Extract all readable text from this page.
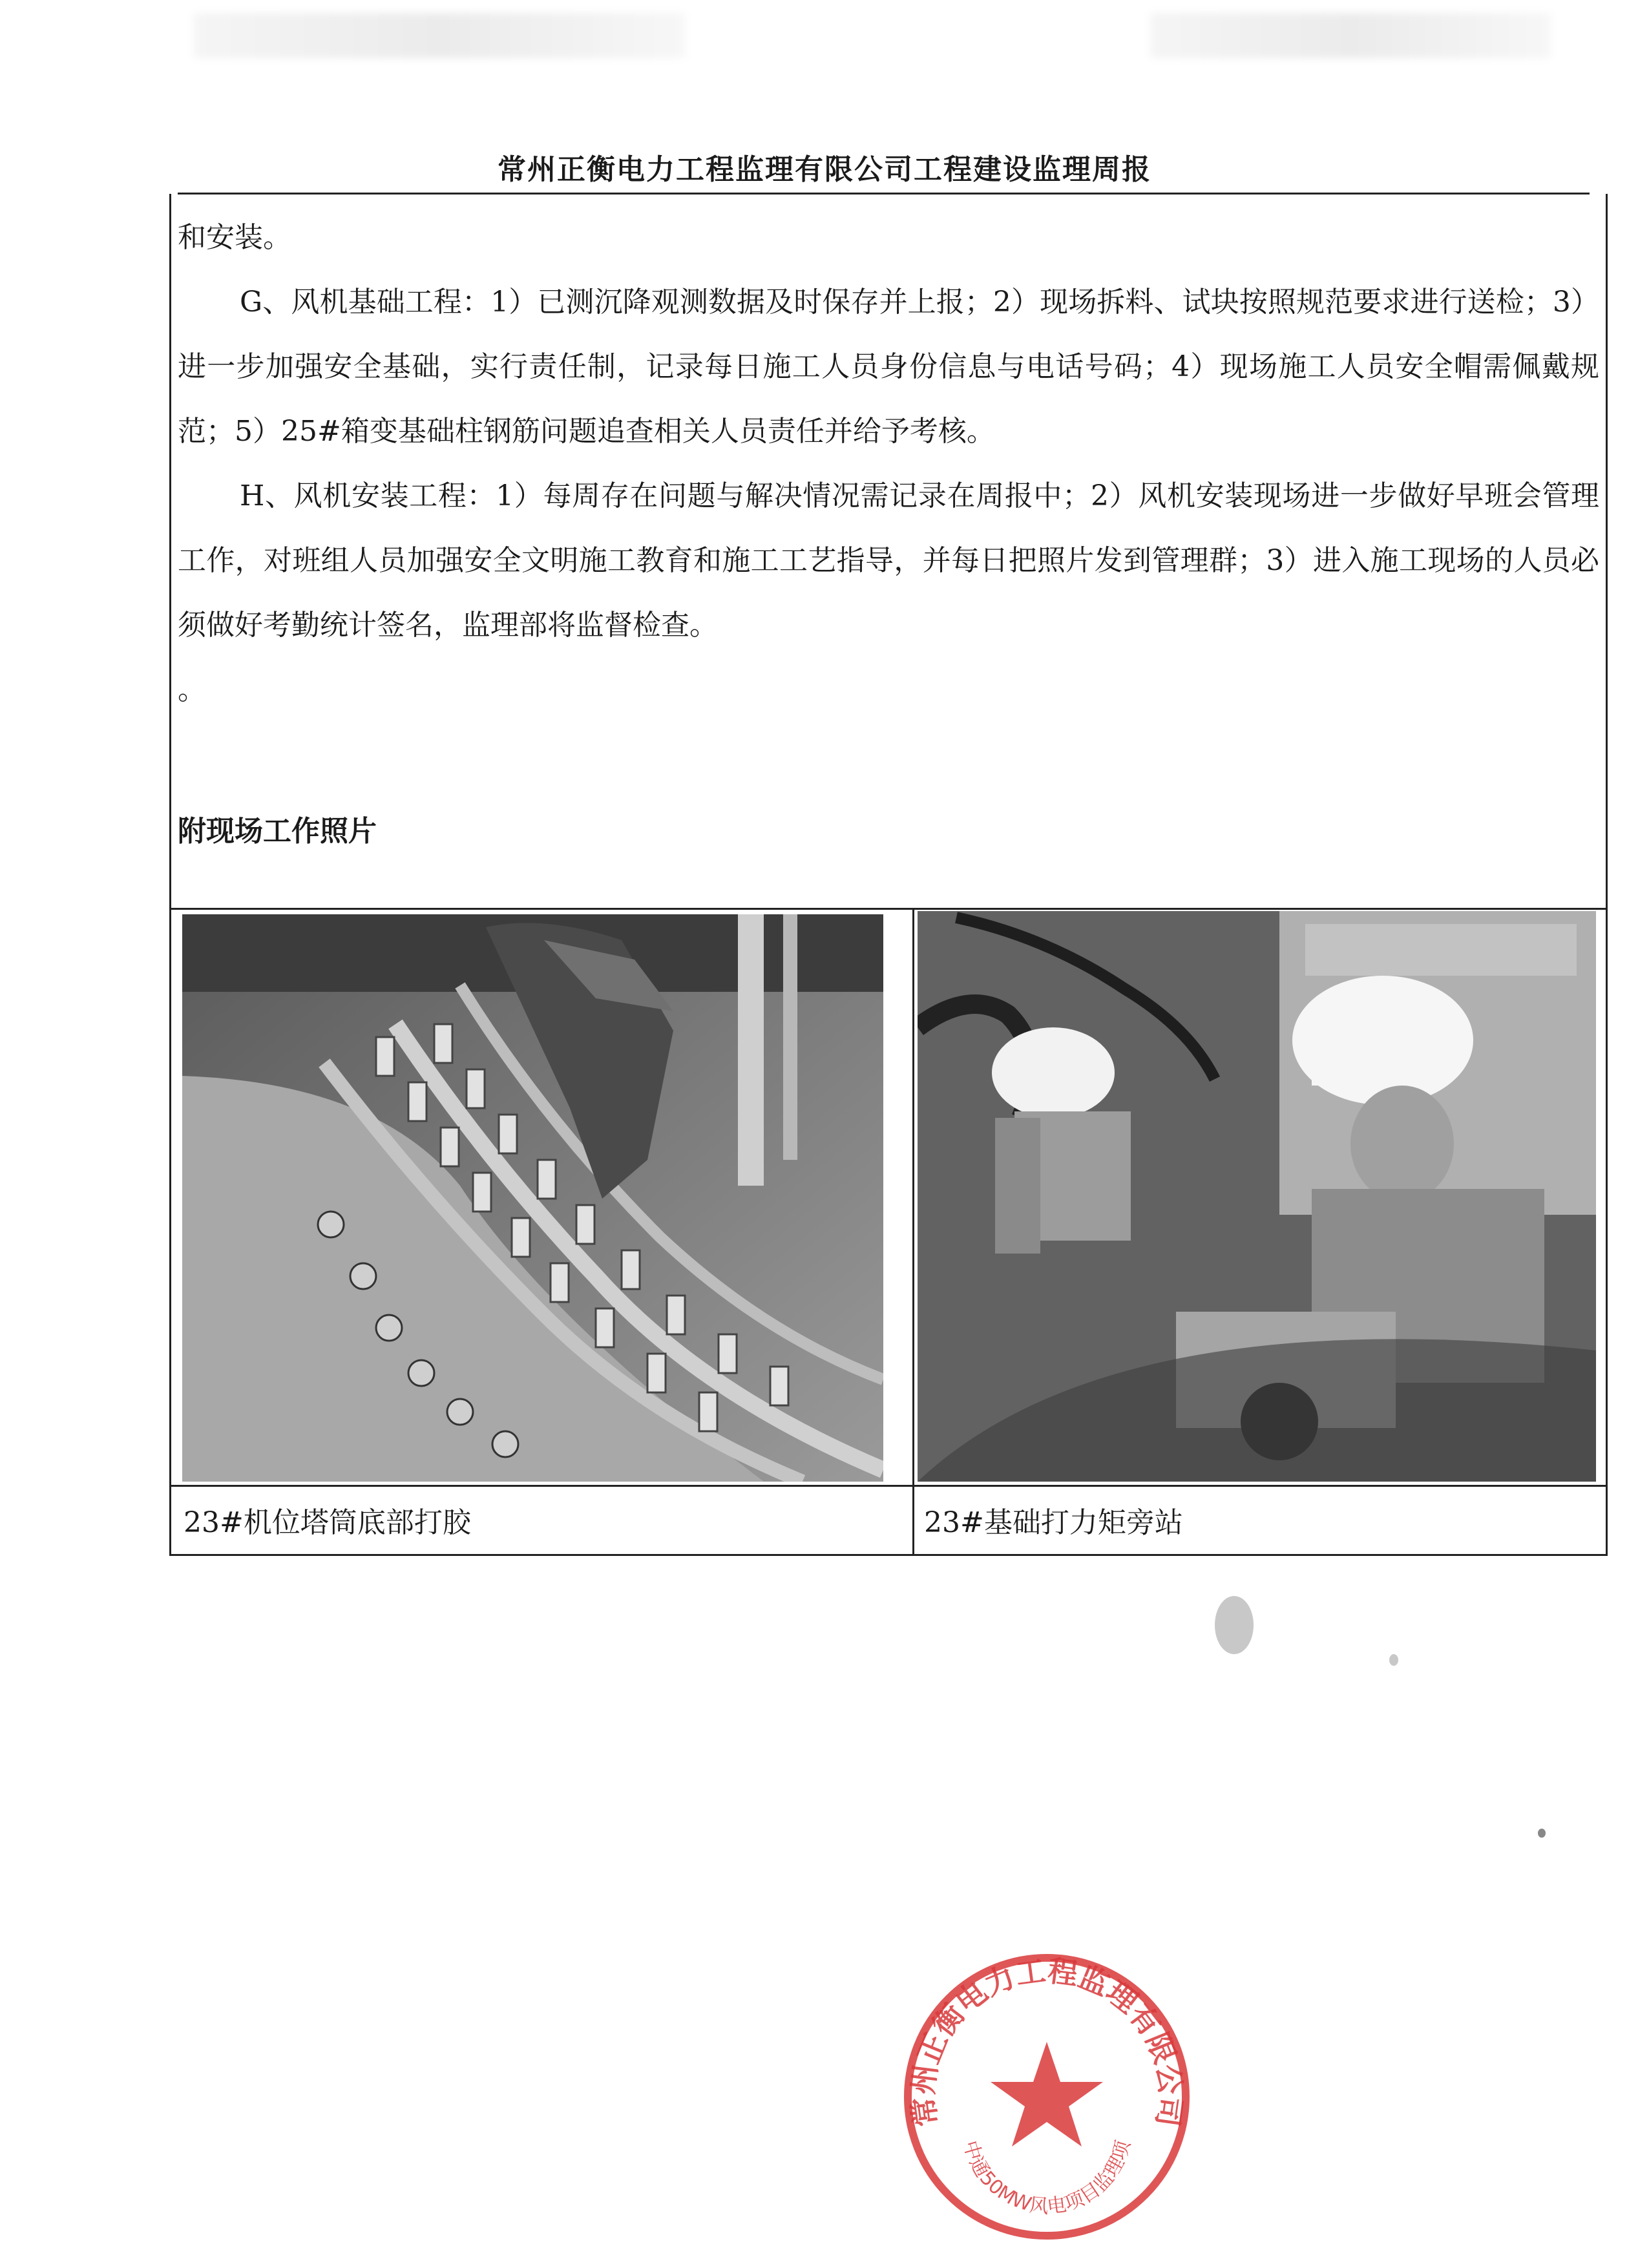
常州正衡电力工程监理有限公司工程建设监理周报

和安装。

G、风机基础工程：1）已测沉降观测数据及时保存并上报；2）现场拆料、试块按照规范要求进行送检；3）进一步加强安全基础，实行责任制，记录每日施工人员身份信息与电话号码；4）现场施工人员安全帽需佩戴规范；5）25#箱变基础柱钢筋问题追查相关人员责任并给予考核。

H、风机安装工程：1）每周存在问题与解决情况需记录在周报中；2）风机安装现场进一步做好早班会管理工作，对班组人员加强安全文明施工教育和施工工艺指导，并每日把照片发到管理群；3）进入施工现场的人员必须做好考勤统计签名，监理部将监督检查。

。

附现场工作照片
23#机位塔筒底部打胶	23#基础打力矩旁站
常州正衡电力工程监理有限公司
中通50MW风电项目监理项
